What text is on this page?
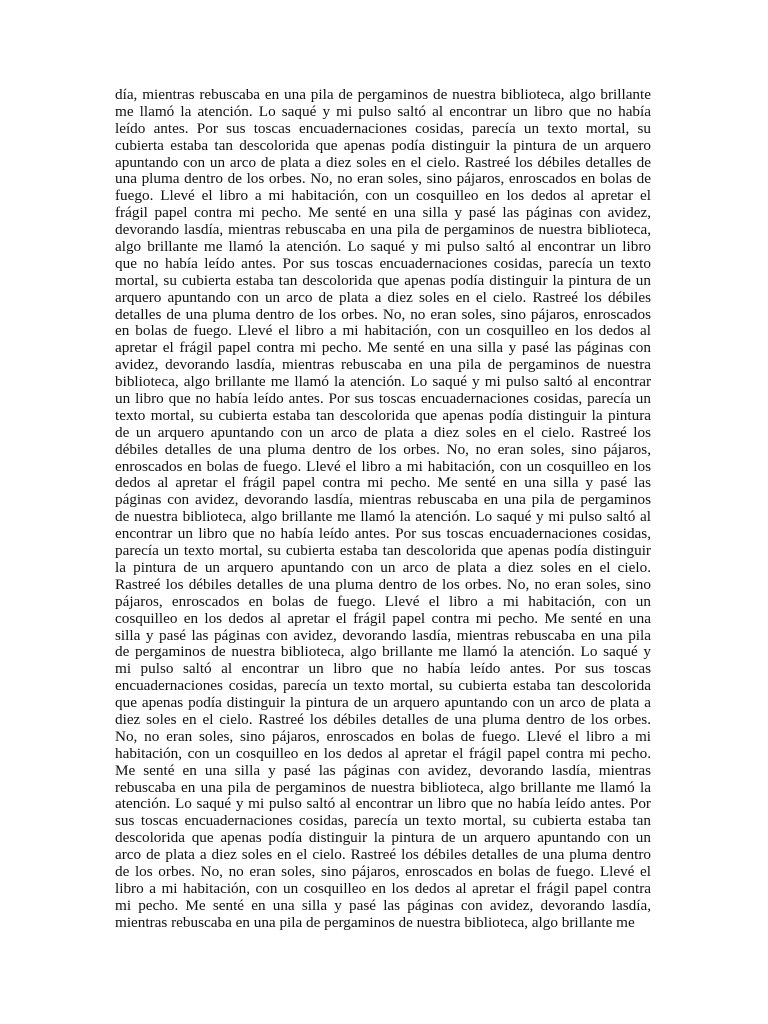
día, mientras rebuscaba en una pila de pergaminos de nuestra biblioteca, algo brillante
me llamó la atención. Lo saqué y mi pulso saltó al encontrar un libro que no había
leído antes. Por sus toscas encuadernaciones cosidas, parecía un texto mortal, su
cubierta estaba tan descolorida que apenas podía distinguir la pintura de un arquero
apuntando con un arco de plata a diez soles en el cielo. Rastreé los débiles detalles de
una pluma dentro de los orbes. No, no eran soles, sino pájaros, enroscados en bolas de
fuego. Llevé el libro a mi habitación, con un cosquilleo en los dedos al apretar el
frágil papel contra mi pecho. Me senté en una silla y pasé las páginas con avidez,
devorando lasdía, mientras rebuscaba en una pila de pergaminos de nuestra biblioteca,
algo brillante me llamó la atención. Lo saqué y mi pulso saltó al encontrar un libro
que no había leído antes. Por sus toscas encuadernaciones cosidas, parecía un texto
mortal, su cubierta estaba tan descolorida que apenas podía distinguir la pintura de un
arquero apuntando con un arco de plata a diez soles en el cielo. Rastreé los débiles
detalles de una pluma dentro de los orbes. No, no eran soles, sino pájaros, enroscados
en bolas de fuego. Llevé el libro a mi habitación, con un cosquilleo en los dedos al
apretar el frágil papel contra mi pecho. Me senté en una silla y pasé las páginas con
avidez, devorando lasdía, mientras rebuscaba en una pila de pergaminos de nuestra
biblioteca, algo brillante me llamó la atención. Lo saqué y mi pulso saltó al encontrar
un libro que no había leído antes. Por sus toscas encuadernaciones cosidas, parecía un
texto mortal, su cubierta estaba tan descolorida que apenas podía distinguir la pintura
de un arquero apuntando con un arco de plata a diez soles en el cielo. Rastreé los
débiles detalles de una pluma dentro de los orbes. No, no eran soles, sino pájaros,
enroscados en bolas de fuego. Llevé el libro a mi habitación, con un cosquilleo en los
dedos al apretar el frágil papel contra mi pecho. Me senté en una silla y pasé las
páginas con avidez, devorando lasdía, mientras rebuscaba en una pila de pergaminos
de nuestra biblioteca, algo brillante me llamó la atención. Lo saqué y mi pulso saltó al
encontrar un libro que no había leído antes. Por sus toscas encuadernaciones cosidas,
parecía un texto mortal, su cubierta estaba tan descolorida que apenas podía distinguir
la pintura de un arquero apuntando con un arco de plata a diez soles en el cielo.
Rastreé los débiles detalles de una pluma dentro de los orbes. No, no eran soles, sino
pájaros, enroscados en bolas de fuego. Llevé el libro a mi habitación, con un
cosquilleo en los dedos al apretar el frágil papel contra mi pecho. Me senté en una
silla y pasé las páginas con avidez, devorando lasdía, mientras rebuscaba en una pila
de pergaminos de nuestra biblioteca, algo brillante me llamó la atención. Lo saqué y
mi pulso saltó al encontrar un libro que no había leído antes. Por sus toscas
encuadernaciones cosidas, parecía un texto mortal, su cubierta estaba tan descolorida
que apenas podía distinguir la pintura de un arquero apuntando con un arco de plata a
diez soles en el cielo. Rastreé los débiles detalles de una pluma dentro de los orbes.
No, no eran soles, sino pájaros, enroscados en bolas de fuego. Llevé el libro a mi
habitación, con un cosquilleo en los dedos al apretar el frágil papel contra mi pecho.
Me senté en una silla y pasé las páginas con avidez, devorando lasdía, mientras
rebuscaba en una pila de pergaminos de nuestra biblioteca, algo brillante me llamó la
atención. Lo saqué y mi pulso saltó al encontrar un libro que no había leído antes. Por
sus toscas encuadernaciones cosidas, parecía un texto mortal, su cubierta estaba tan
descolorida que apenas podía distinguir la pintura de un arquero apuntando con un
arco de plata a diez soles en el cielo. Rastreé los débiles detalles de una pluma dentro
de los orbes. No, no eran soles, sino pájaros, enroscados en bolas de fuego. Llevé el
libro a mi habitación, con un cosquilleo en los dedos al apretar el frágil papel contra
mi pecho. Me senté en una silla y pasé las páginas con avidez, devorando lasdía,
mientras rebuscaba en una pila de pergaminos de nuestra biblioteca, algo brillante me
